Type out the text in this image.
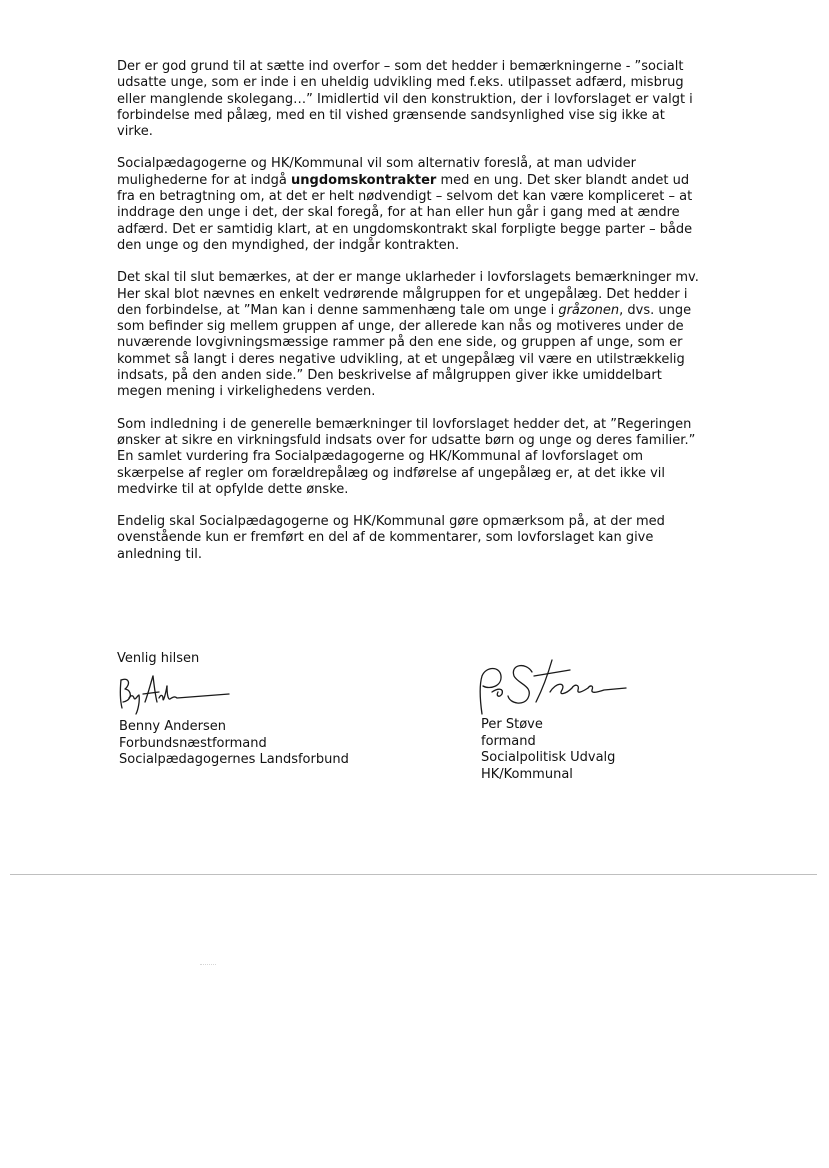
Der er god grund til at sætte ind overfor – som det hedder i bemærkningerne - ”socialt
udsatte unge, som er inde i en uheldig udvikling med f.eks. utilpasset adfærd, misbrug
eller manglende skolegang…” Imidlertid vil den konstruktion, der i lovforslaget er valgt i
forbindelse med pålæg, med en til vished grænsende sandsynlighed vise sig ikke at
virke.

Socialpædagogerne og HK/Kommunal vil som alternativ foreslå, at man udvider
mulighederne for at indgå ungdomskontrakter med en ung. Det sker blandt andet ud
fra en betragtning om, at det er helt nødvendigt – selvom det kan være kompliceret – at
inddrage den unge i det, der skal foregå, for at han eller hun går i gang med at ændre
adfærd. Det er samtidig klart, at en ungdomskontrakt skal forpligte begge parter – både
den unge og den myndighed, der indgår kontrakten.

Det skal til slut bemærkes, at der er mange uklarheder i lovforslagets bemærkninger mv.
Her skal blot nævnes en enkelt vedrørende målgruppen for et ungepålæg. Det hedder i
den forbindelse, at ”Man kan i denne sammenhæng tale om unge i gråzonen, dvs. unge
som befinder sig mellem gruppen af unge, der allerede kan nås og motiveres under de
nuværende lovgivningsmæssige rammer på den ene side, og gruppen af unge, som er
kommet så langt i deres negative udvikling, at et ungepålæg vil være en utilstrækkelig
indsats, på den anden side.” Den beskrivelse af målgruppen giver ikke umiddelbart
megen mening i virkelighedens verden.

Som indledning i de generelle bemærkninger til lovforslaget hedder det, at ”Regeringen
ønsker at sikre en virkningsfuld indsats over for udsatte børn og unge og deres familier.”
En samlet vurdering fra Socialpædagogerne og HK/Kommunal af lovforslaget om
skærpelse af regler om forældrepålæg og indførelse af ungepålæg er, at det ikke vil
medvirke til at opfylde dette ønske.

Endelig skal Socialpædagogerne og HK/Kommunal gøre opmærksom på, at der med
ovenstående kun er fremført en del af de kommentarer, som lovforslaget kan give
anledning til.

Venlig hilsen
Benny Andersen
Forbundsnæstformand
Socialpædagogernes Landsforbund
Per Støve
formand
Socialpolitisk Udvalg
HK/Kommunal
